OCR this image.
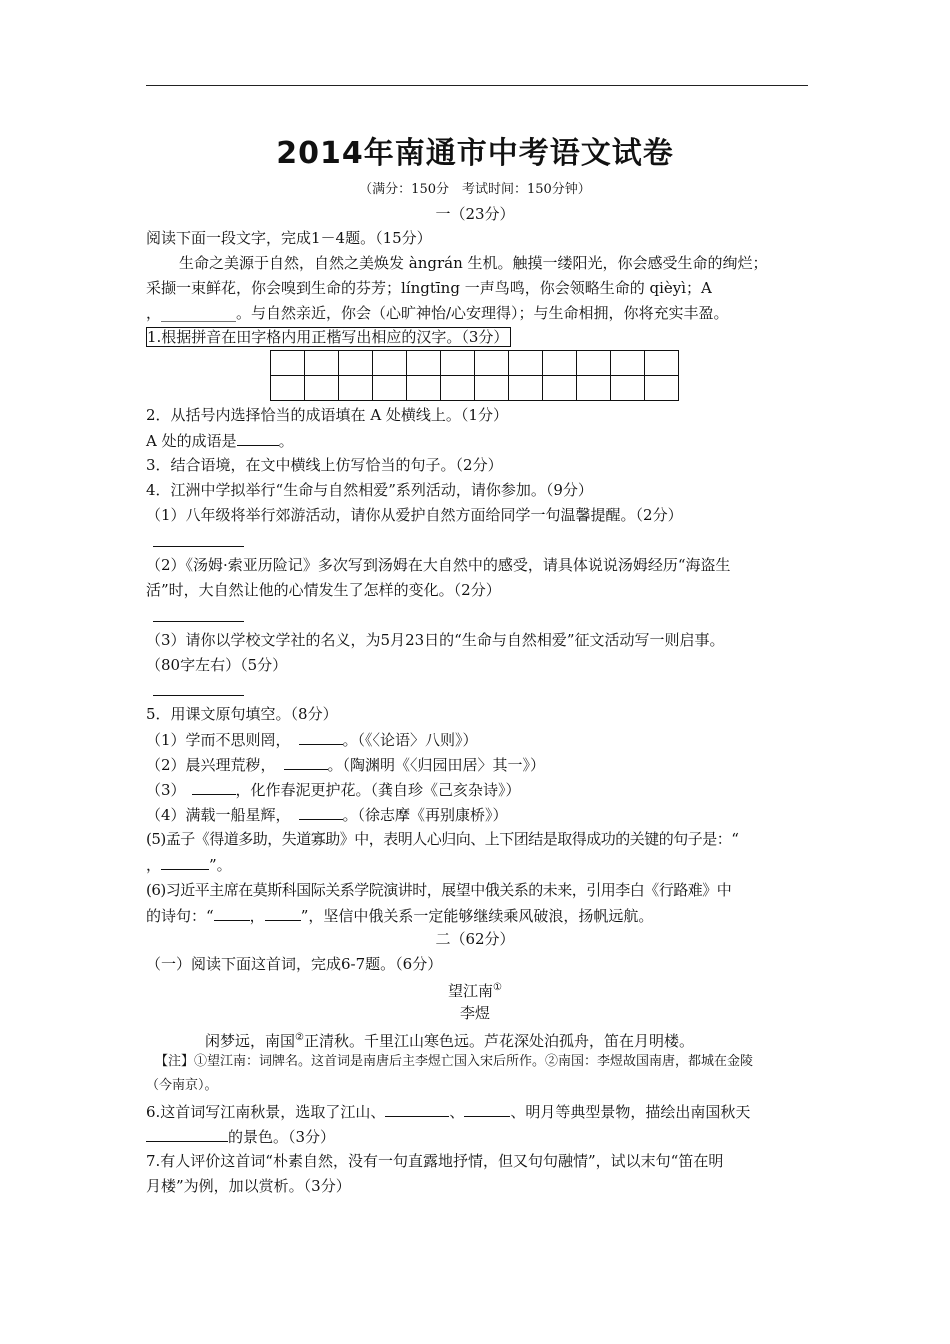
2014年南通市中考语文试卷
（满分：150分　考试时间：150分钟）
一（23分）
阅读下面一段文字，完成1－4题。（15分）
生命之美源于自然，自然之美焕发 àngrán 生机。触摸一缕阳光，你会感受生命的绚烂；
采撷一束鲜花，你会嗅到生命的芬芳；língtīng 一声鸟鸣，你会领略生命的 qièyì；A
，__________。与自然亲近，你会（心旷神怡/心安理得）；与生命相拥，你将充实丰盈。
1.根据拼音在田字格内用正楷写出相应的汉字。（3分）

2．从括号内选择恰当的成语填在 A 处横线上。（1分）
A 处的成语是	。
3．结合语境，在文中横线上仿写恰当的句子。（2分）
4．江洲中学拟举行“生命与自然相爱”系列活动，请你参加。（9分）
（1）八年级将举行郊游活动，请你从爱护自然方面给同学一句温馨提醒。（2分）
（2）《汤姆·索亚历险记》多次写到汤姆在大自然中的感受，请具体说说汤姆经历“海盗生
活”时，大自然让他的心情发生了怎样的变化。（2分）
（3）请你以学校文学社的名义，为5月23日的“生命与自然相爱”征文活动写一则启事。
（80字左右）（5分）
5．用课文原句填空。（8分）
（1）学而不思则罔，	。（《〈论语〉八则》）
（2）晨兴理荒秽，	。（陶渊明《〈归园田居〉其一》）
（3）	，化作春泥更护花。（龚自珍《己亥杂诗》）
（4）满载一船星辉，	。（徐志摩《再别康桥》）
(5)孟子《得道多助，失道寡助》中，表明人心归向、上下团结是取得成功的关键的句子是：“
，	”。
(6)习近平主席在莫斯科国际关系学院演讲时，展望中俄关系的未来，引用李白《行路难》中
的诗句：“ ， ”，坚信中俄关系一定能够继续乘风破浪，扬帆远航。
二（62分）
（一）阅读下面这首词，完成6-7题。（6分）
望江南①
李煜
闲梦远，南国②正清秋。千里江山寒色远。芦花深处泊孤舟，笛在月明楼。
【注】①望江南：词牌名。这首词是南唐后主李煜亡国入宋后所作。②南国：李煜故国南唐，都城在金陵
（今南京）。
6.这首词写江南秋景，选取了江山、	、	、明月等典型景物，描绘出南国秋天
的景色。（3分）
7.有人评价这首词“朴素自然，没有一句直露地抒情，但又句句融情”，试以末句“笛在明
月楼”为例，加以赏析。（3分）
